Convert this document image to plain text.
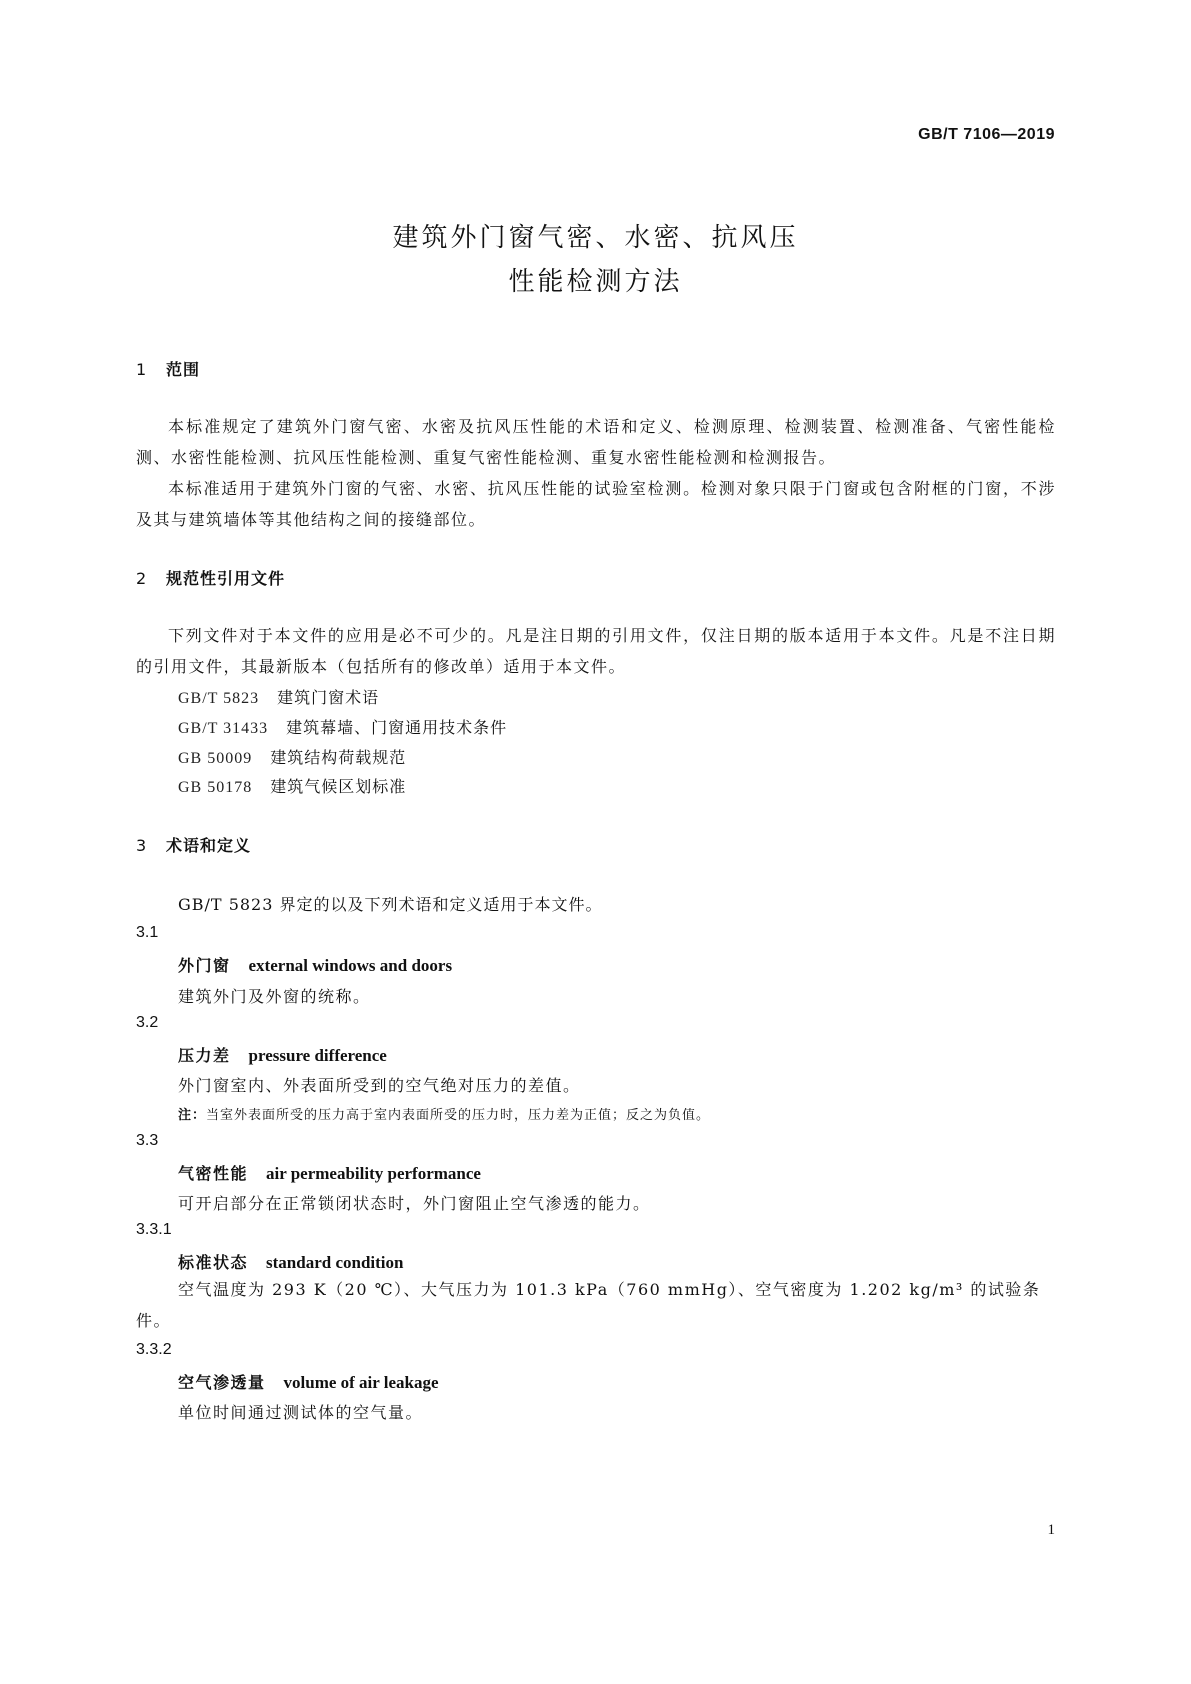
GB/T 7106—2019
建筑外门窗气密、水密、抗风压
性能检测方法
1 范围
本标准规定了建筑外门窗气密、水密及抗风压性能的术语和定义、检测原理、检测装置、检测准备、气密性能检测、水密性能检测、抗风压性能检测、重复气密性能检测、重复水密性能检测和检测报告。
本标准适用于建筑外门窗的气密、水密、抗风压性能的试验室检测。检测对象只限于门窗或包含附框的门窗，不涉及其与建筑墙体等其他结构之间的接缝部位。
2 规范性引用文件
下列文件对于本文件的应用是必不可少的。凡是注日期的引用文件，仅注日期的版本适用于本文件。凡是不注日期的引用文件，其最新版本（包括所有的修改单）适用于本文件。
GB/T 5823 建筑门窗术语
GB/T 31433 建筑幕墙、门窗通用技术条件
GB 50009 建筑结构荷载规范
GB 50178 建筑气候区划标准
3 术语和定义
GB/T 5823 界定的以及下列术语和定义适用于本文件。
3.1
外门窗 external windows and doors
建筑外门及外窗的统称。
3.2
压力差 pressure difference
外门窗室内、外表面所受到的空气绝对压力的差值。
注：当室外表面所受的压力高于室内表面所受的压力时，压力差为正值；反之为负值。
3.3
气密性能 air permeability performance
可开启部分在正常锁闭状态时，外门窗阻止空气渗透的能力。
3.3.1
标准状态 standard condition
空气温度为 293 K（20 ℃）、大气压力为 101.3 kPa（760 mmHg）、空气密度为 1.202 kg/m³ 的试验条件。
3.3.2
空气渗透量 volume of air leakage
单位时间通过测试体的空气量。
1
